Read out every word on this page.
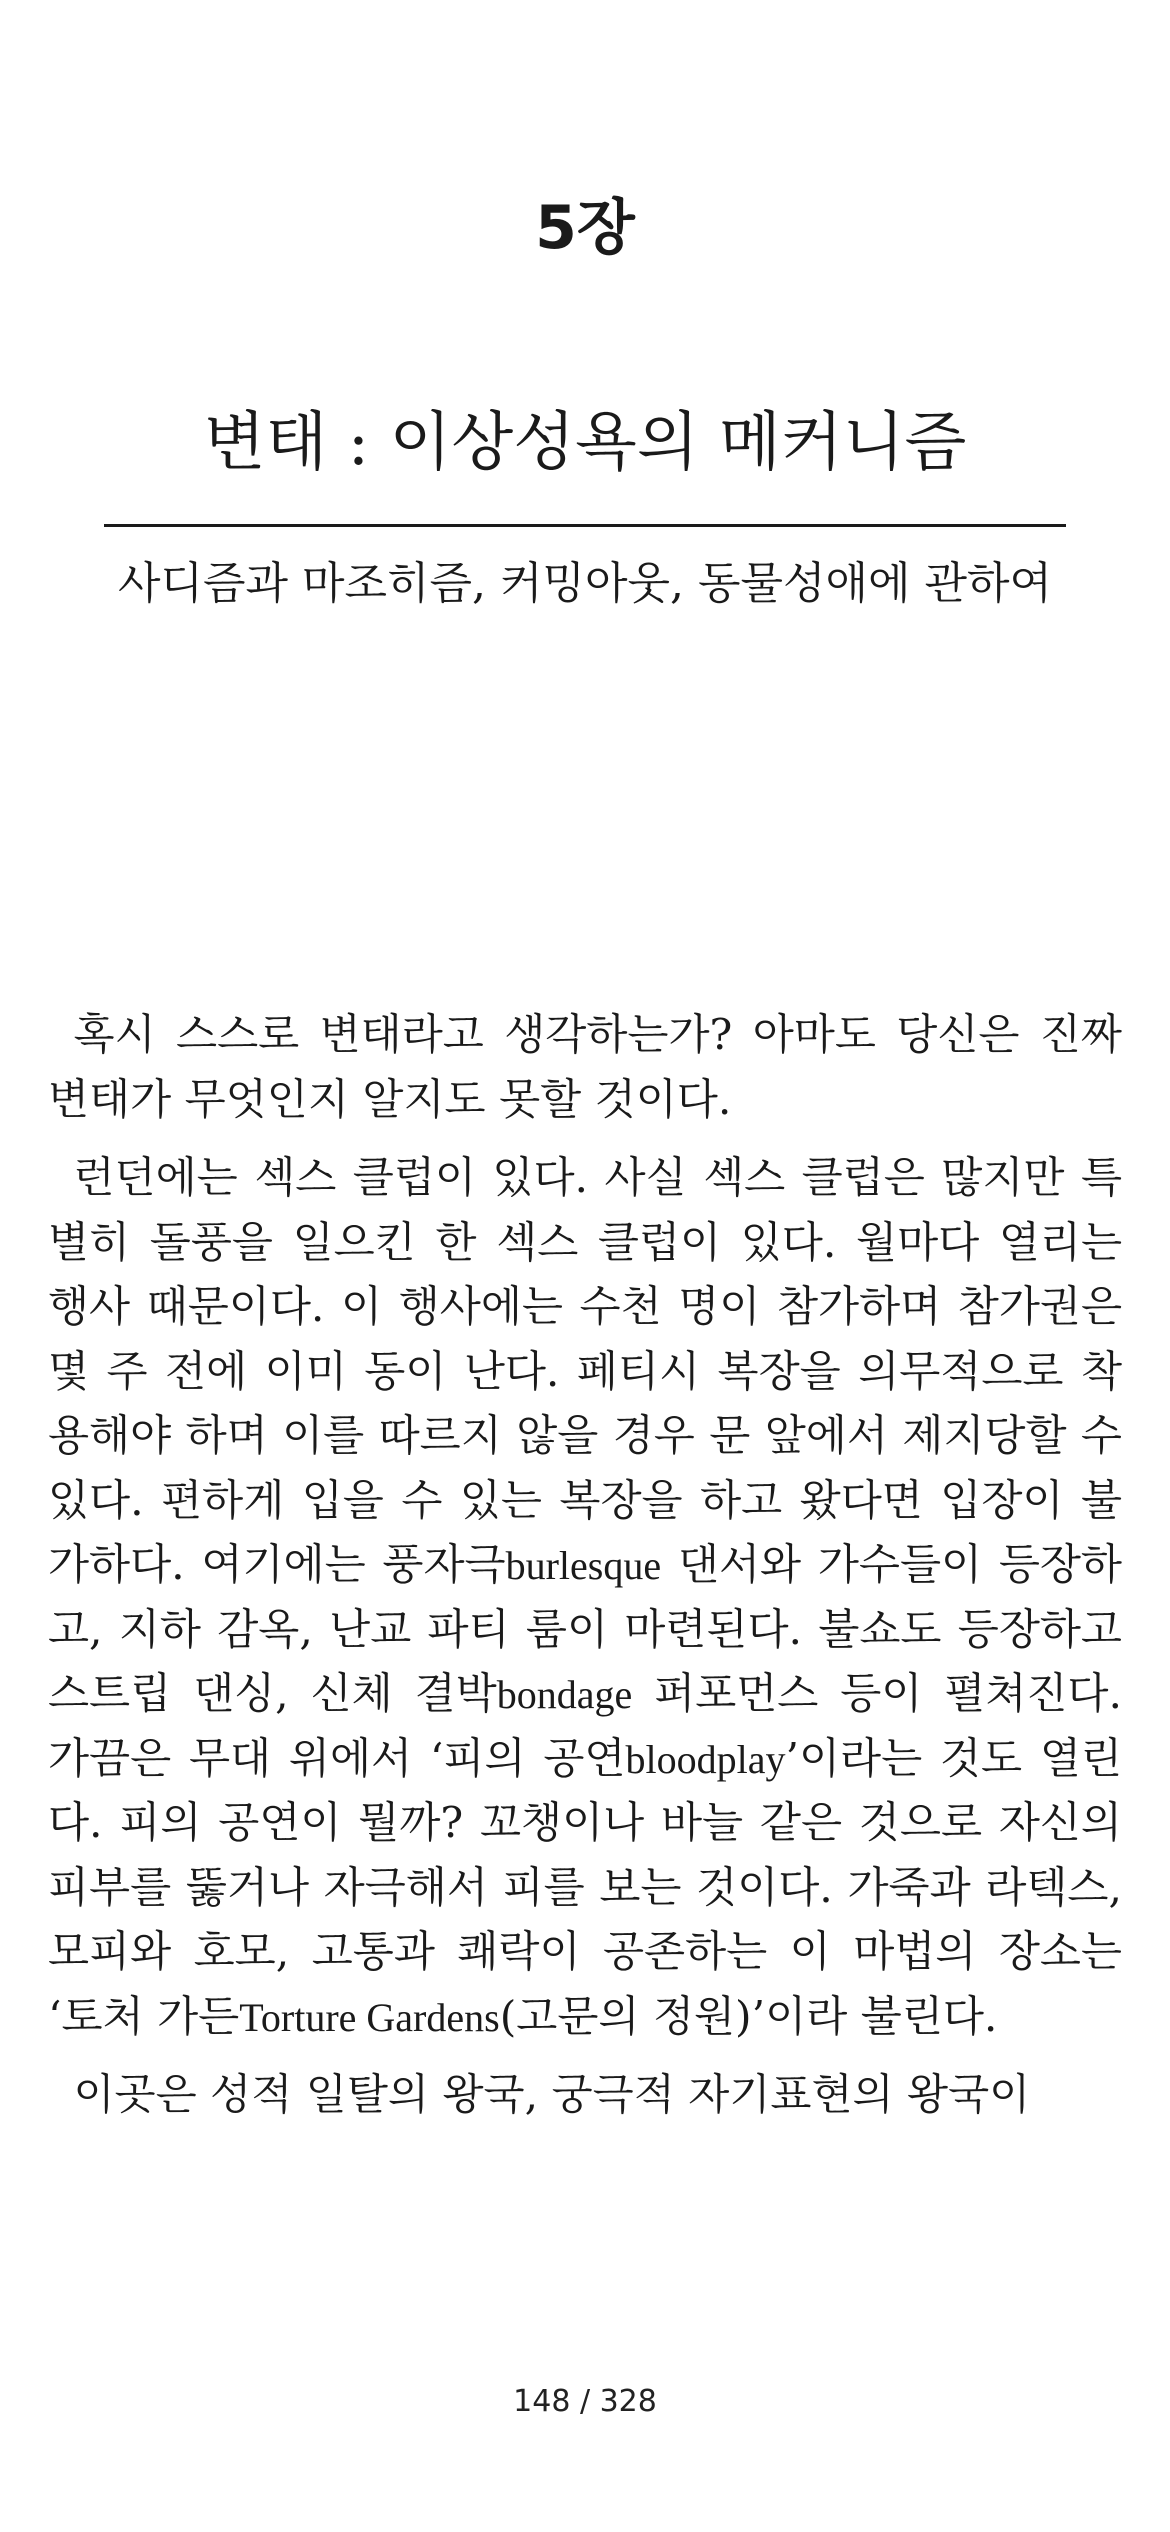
5장
변태 : 이상성욕의 메커니즘
사디즘과 마조히즘, 커밍아웃, 동물성애에 관하여

혹시 스스로 변태라고 생각하는가? 아마도 당신은 진짜 변태가 무엇인지 알지도 못할 것이다.

런던에는 섹스 클럽이 있다. 사실 섹스 클럽은 많지만 특별히 돌풍을 일으킨 한 섹스 클럽이 있다. 월마다 열리는 행사 때문이다. 이 행사에는 수천 명이 참가하며 참가권은 몇 주 전에 이미 동이 난다. 페티시 복장을 의무적으로 착용해야 하며 이를 따르지 않을 경우 문 앞에서 제지당할 수 있다. 편하게 입을 수 있는 복장을 하고 왔다면 입장이 불가하다. 여기에는 풍자극burlesque 댄서와 가수들이 등장하고, 지하 감옥, 난교 파티 룸이 마련된다. 불쇼도 등장하고 스트립 댄싱, 신체 결박bondage 퍼포먼스 등이 펼쳐진다. 가끔은 무대 위에서 ‘피의 공연bloodplay’이라는 것도 열린다. 피의 공연이 뭘까? 꼬챙이나 바늘 같은 것으로 자신의 피부를 뚫거나 자극해서 피를 보는 것이다. 가죽과 라텍스, 모피와 호모, 고통과 쾌락이 공존하는 이 마법의 장소는 ‘토처 가든Torture Gardens(고문의 정원)’이라 불린다.

이곳은 성적 일탈의 왕국, 궁극적 자기표현의 왕국이

148 / 328
